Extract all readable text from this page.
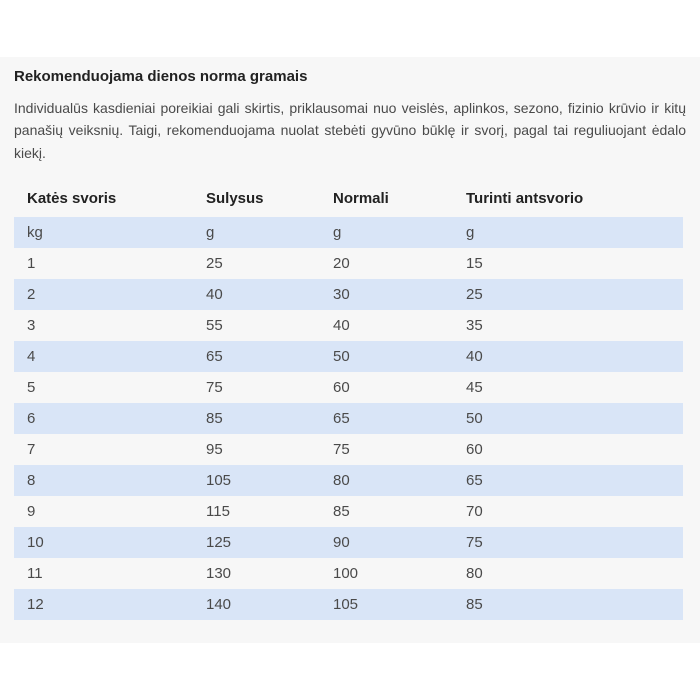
Rekomenduojama dienos norma gramais

Individualūs kasdieniai poreikiai gali skirtis, priklausomai nuo veislės, aplinkos, sezono, fizinio krūvio ir kitų panašių veiksnių. Taigi, rekomenduojama nuolat stebėti gyvūno būklę ir svorį, pagal tai reguliuojant ėdalo kiekį.

Katės svoris	Sulysus	Normali	Turinti antsvorio
kg	g	g	g
1	25	20	15
2	40	30	25
3	55	40	35
4	65	50	40
5	75	60	45
6	85	65	50
7	95	75	60
8	105	80	65
9	115	85	70
10	125	90	75
11	130	100	80
12	140	105	85
